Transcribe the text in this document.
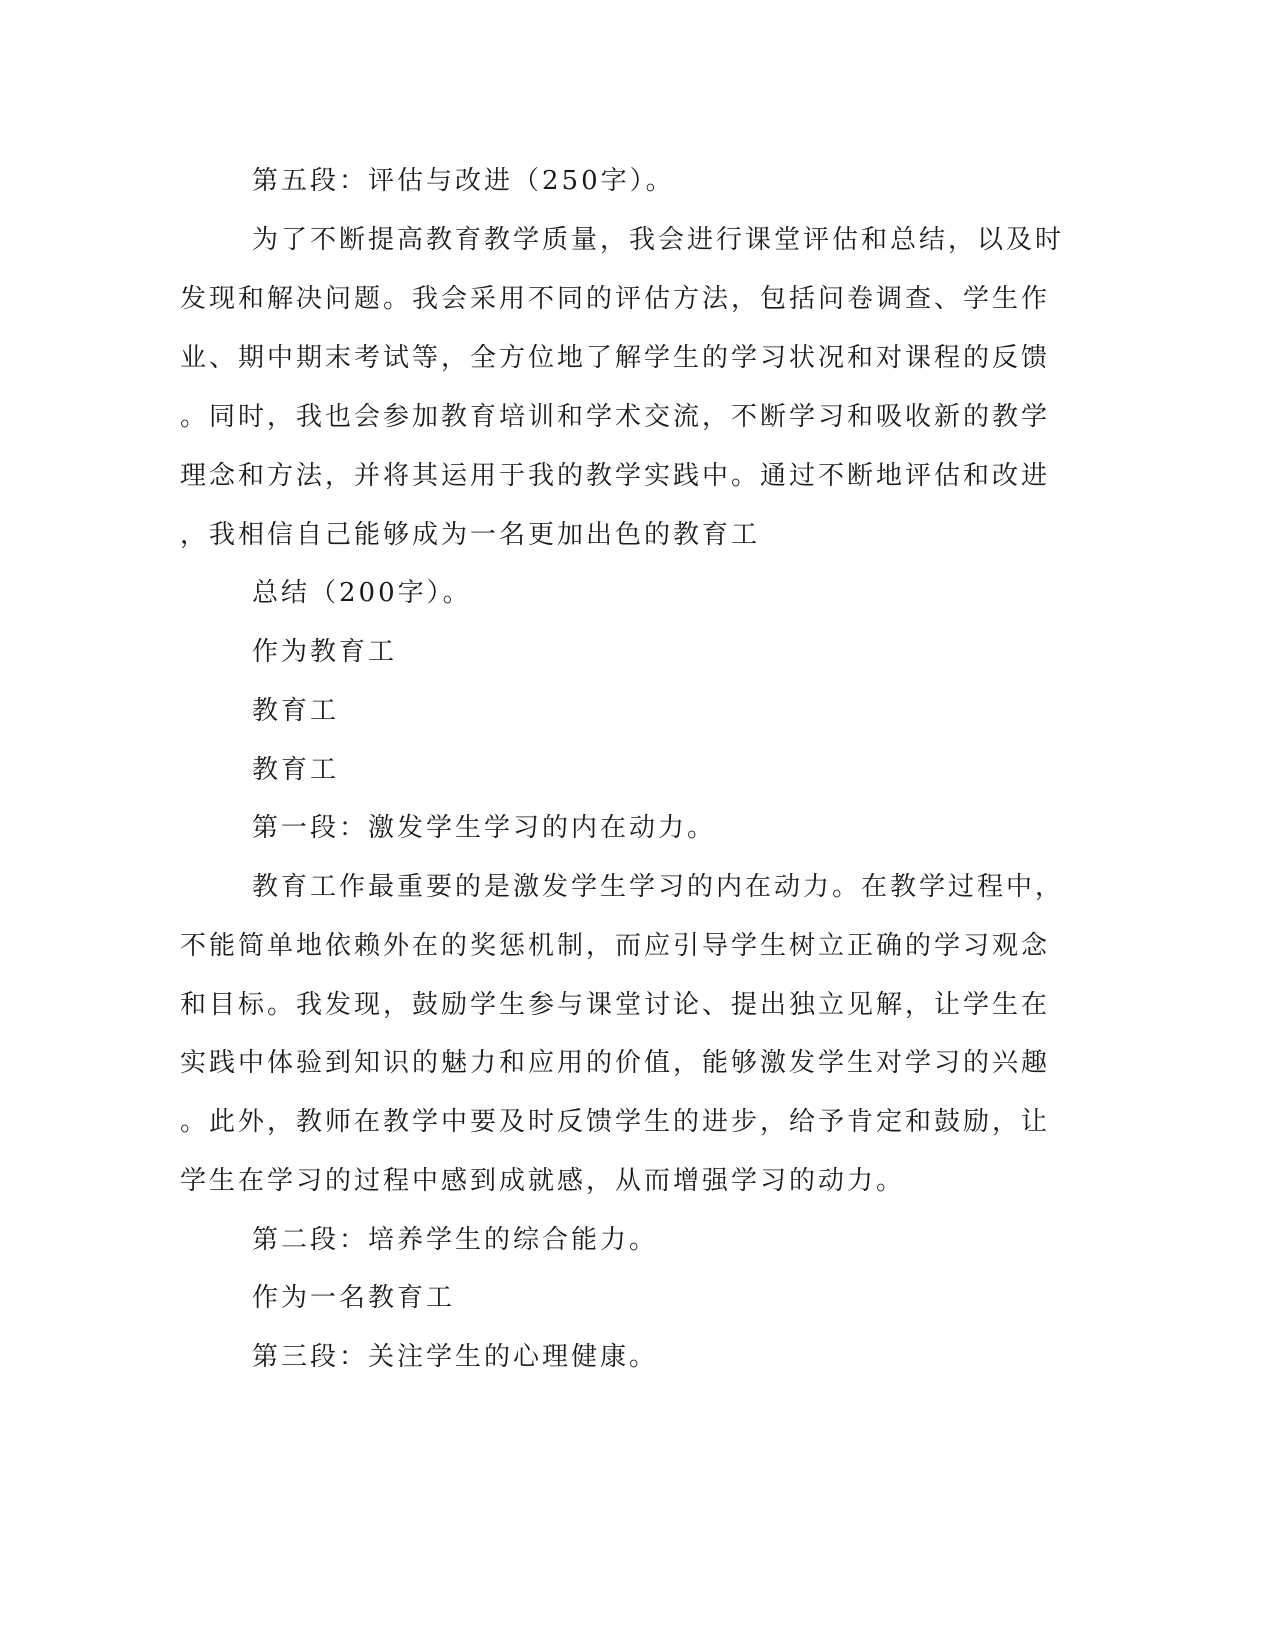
第五段：评估与改进（250字）。
为了不断提高教育教学质量，我会进行课堂评估和总结，以及时
发现和解决问题。我会采用不同的评估方法，包括问卷调查、学生作
业、期中期末考试等，全方位地了解学生的学习状况和对课程的反馈
。同时，我也会参加教育培训和学术交流，不断学习和吸收新的教学
理念和方法，并将其运用于我的教学实践中。通过不断地评估和改进
，我相信自己能够成为一名更加出色的教育工
总结（200字）。
作为教育工
教育工
教育工
第一段：激发学生学习的内在动力。
教育工作最重要的是激发学生学习的内在动力。在教学过程中，
不能简单地依赖外在的奖惩机制，而应引导学生树立正确的学习观念
和目标。我发现，鼓励学生参与课堂讨论、提出独立见解，让学生在
实践中体验到知识的魅力和应用的价值，能够激发学生对学习的兴趣
。此外，教师在教学中要及时反馈学生的进步，给予肯定和鼓励，让
学生在学习的过程中感到成就感，从而增强学习的动力。
第二段：培养学生的综合能力。
作为一名教育工
第三段：关注学生的心理健康。
